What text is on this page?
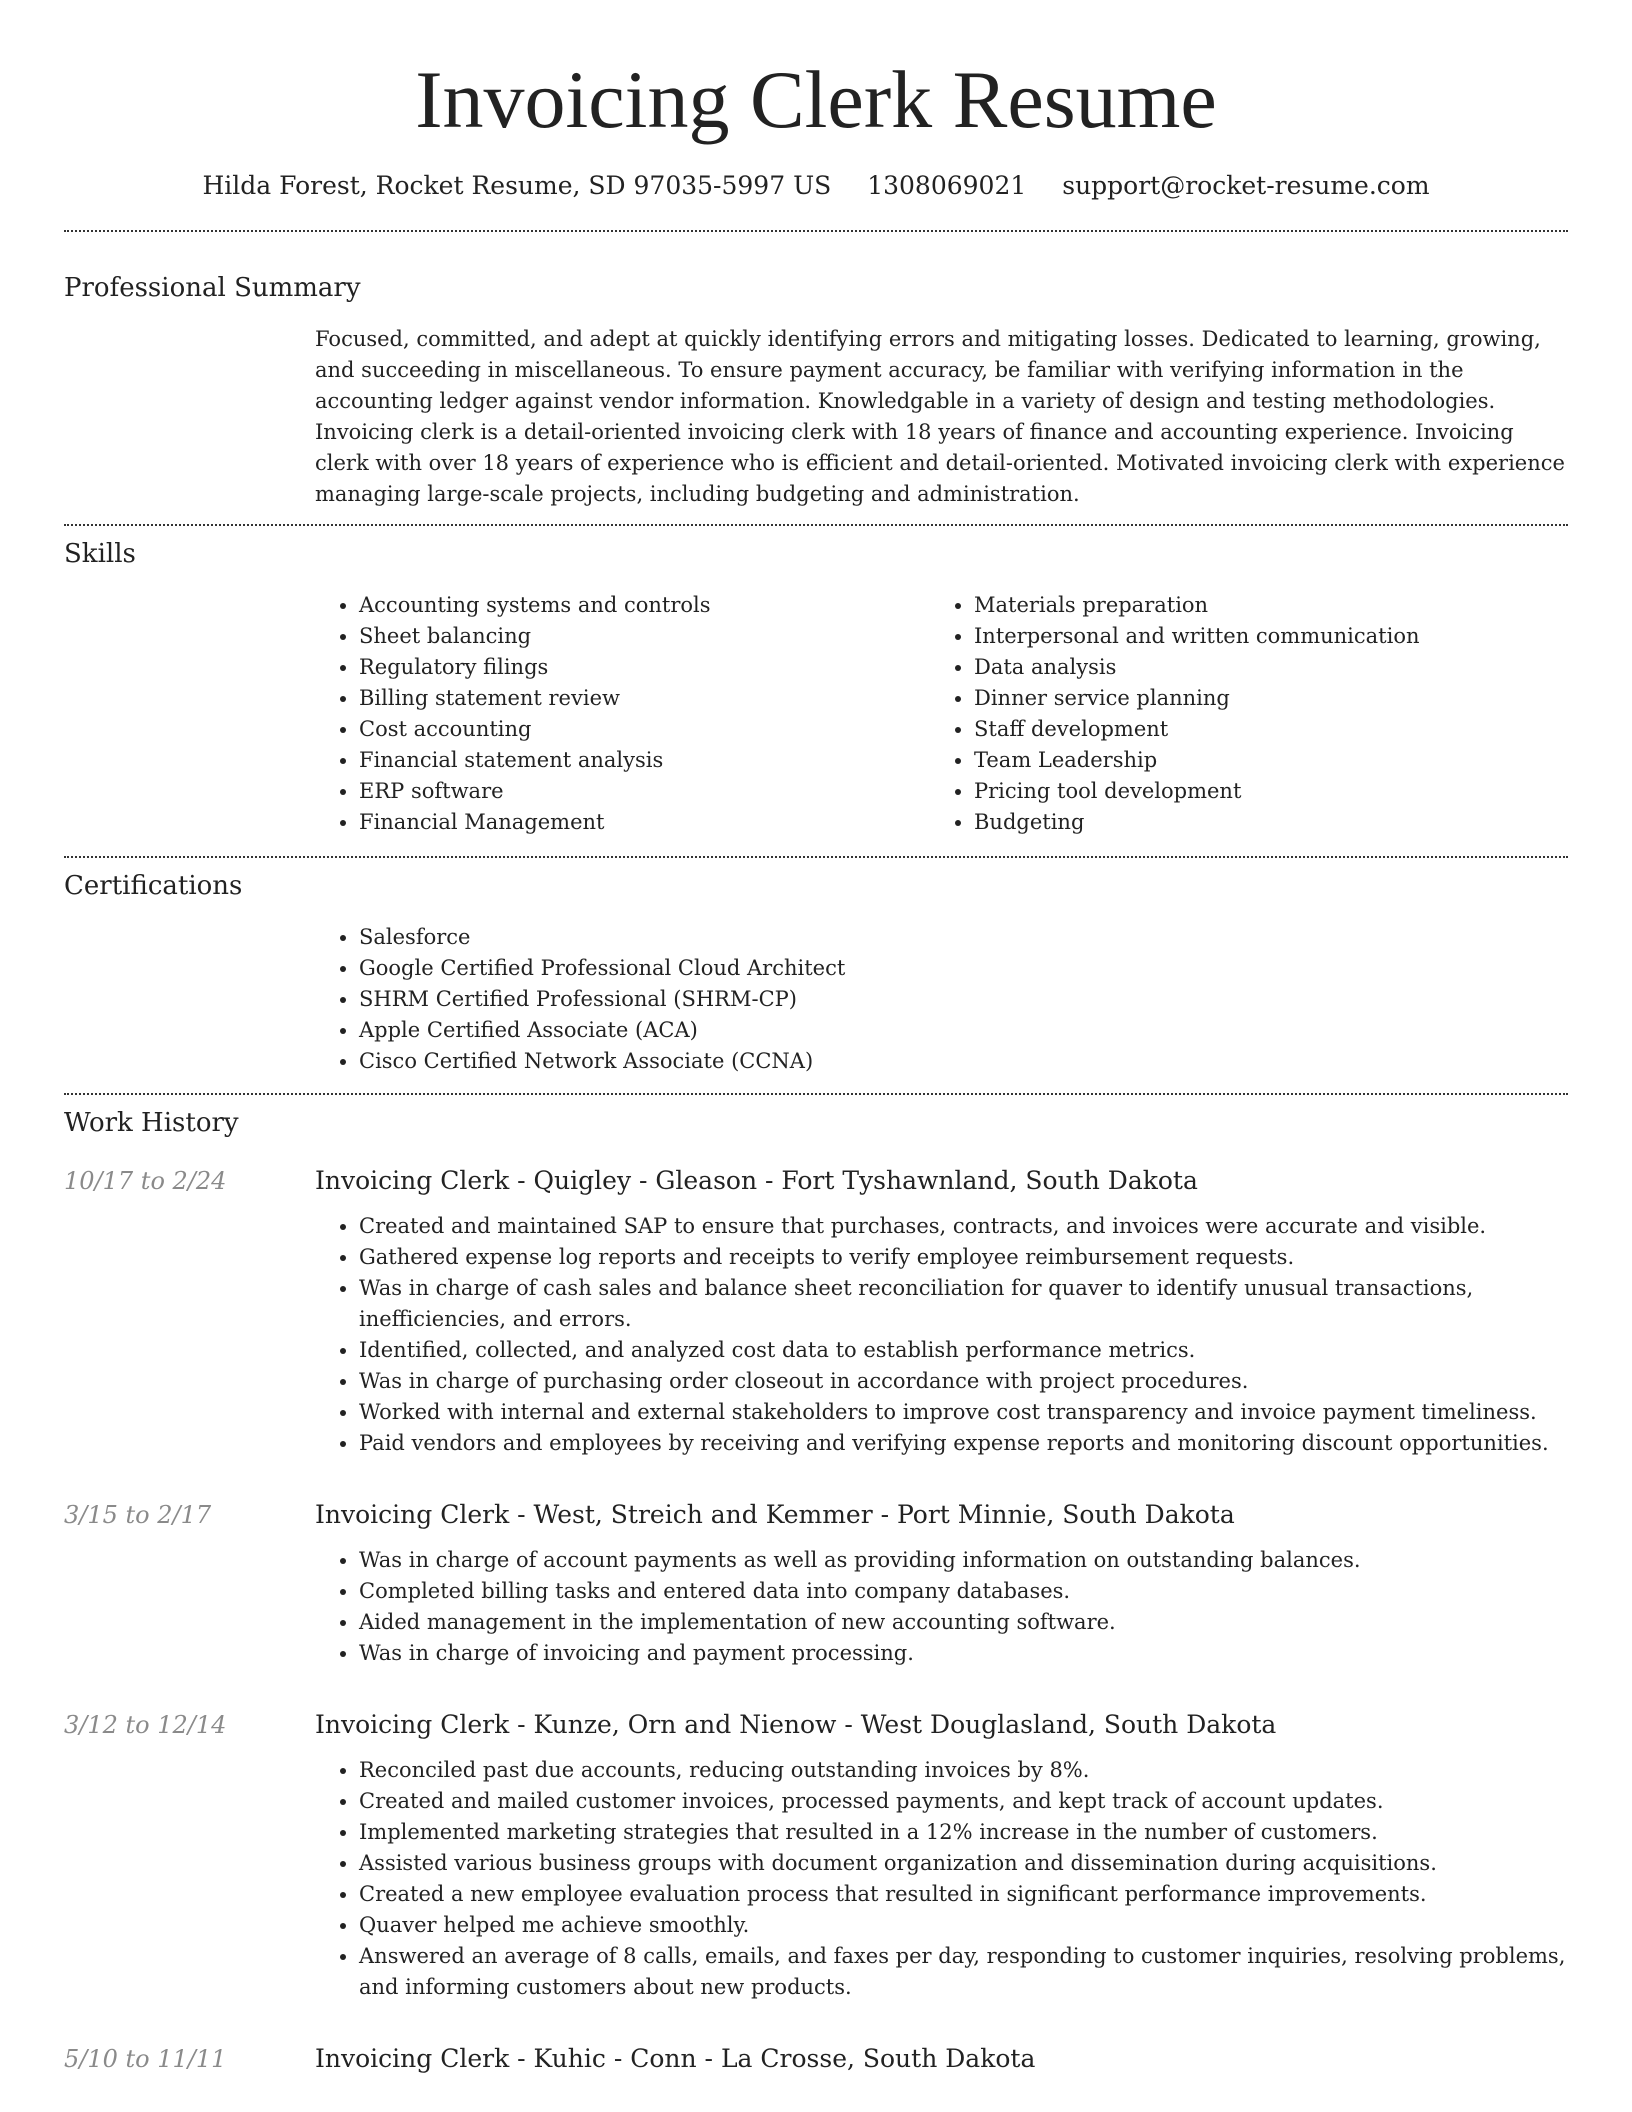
Invoicing Clerk Resume
Hilda Forest, Rocket Resume, SD 97035-5997 US 1308069021 support@rocket-resume.com
Professional Summary

Focused, committed, and adept at quickly identifying errors and mitigating losses. Dedicated to learning, growing, and succeeding in miscellaneous. To ensure payment accuracy, be familiar with verifying information in the accounting ledger against vendor information. Knowledgable in a variety of design and testing methodologies. Invoicing clerk is a detail-oriented invoicing clerk with 18 years of finance and accounting experience. Invoicing clerk with over 18 years of experience who is efficient and detail-oriented. Motivated invoicing clerk with experience managing large-scale projects, including budgeting and administration.

Skills
• Accounting systems and controls
• Sheet balancing
• Regulatory filings
• Billing statement review
• Cost accounting
• Financial statement analysis
• ERP software
• Financial Management
• Materials preparation
• Interpersonal and written communication
• Data analysis
• Dinner service planning
• Staff development
• Team Leadership
• Pricing tool development
• Budgeting
Certifications
• Salesforce
• Google Certified Professional Cloud Architect
• SHRM Certified Professional (SHRM-CP)
• Apple Certified Associate (ACA)
• Cisco Certified Network Associate (CCNA)
Work History
10/17 to 2/24	Invoicing Clerk - Quigley - Gleason - Fort Tyshawnland, South Dakota
• Created and maintained SAP to ensure that purchases, contracts, and invoices were accurate and visible.
• Gathered expense log reports and receipts to verify employee reimbursement requests.
• Was in charge of cash sales and balance sheet reconciliation for quaver to identify unusual transactions, inefficiencies, and errors.
• Identified, collected, and analyzed cost data to establish performance metrics.
• Was in charge of purchasing order closeout in accordance with project procedures.
• Worked with internal and external stakeholders to improve cost transparency and invoice payment timeliness.
• Paid vendors and employees by receiving and verifying expense reports and monitoring discount opportunities.
3/15 to 2/17	Invoicing Clerk - West, Streich and Kemmer - Port Minnie, South Dakota
• Was in charge of account payments as well as providing information on outstanding balances.
• Completed billing tasks and entered data into company databases.
• Aided management in the implementation of new accounting software.
• Was in charge of invoicing and payment processing.
3/12 to 12/14	Invoicing Clerk - Kunze, Orn and Nienow - West Douglasland, South Dakota
• Reconciled past due accounts, reducing outstanding invoices by 8%.
• Created and mailed customer invoices, processed payments, and kept track of account updates.
• Implemented marketing strategies that resulted in a 12% increase in the number of customers.
• Assisted various business groups with document organization and dissemination during acquisitions.
• Created a new employee evaluation process that resulted in significant performance improvements.
• Quaver helped me achieve smoothly.
• Answered an average of 8 calls, emails, and faxes per day, responding to customer inquiries, resolving problems, and informing customers about new products.
5/10 to 11/11	Invoicing Clerk - Kuhic - Conn - La Crosse, South Dakota
